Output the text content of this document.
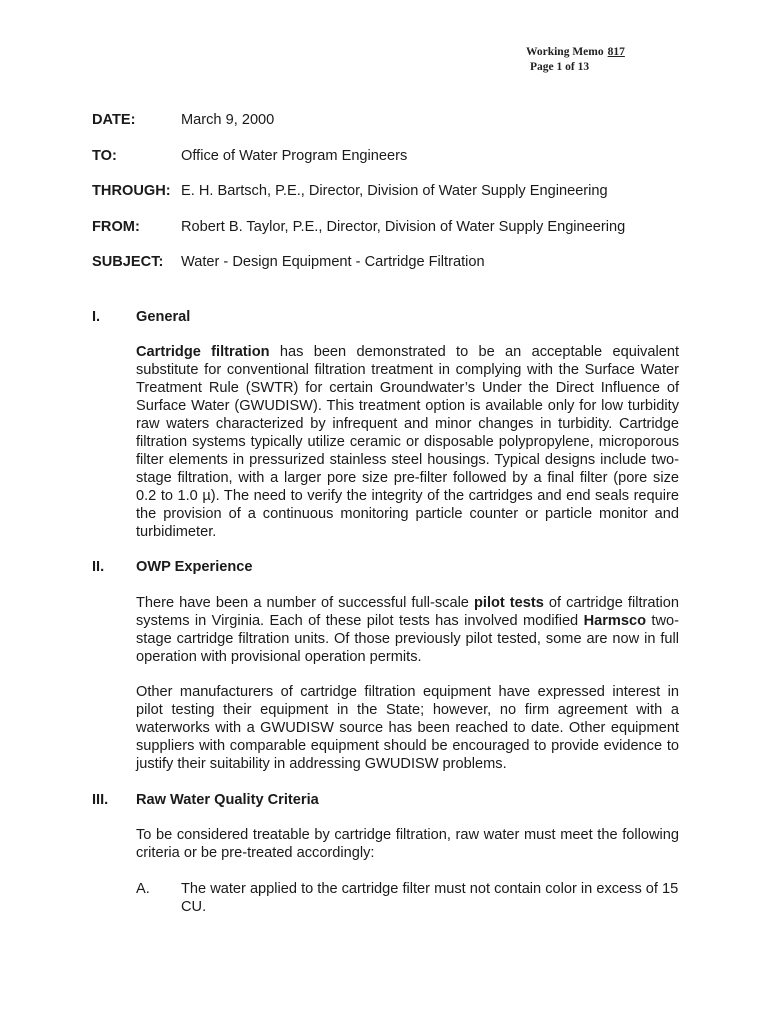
Working Memo 817
Page 1 of 13
DATE:	March 9, 2000
TO:	Office of Water Program Engineers
THROUGH: E. H. Bartsch, P.E., Director, Division of Water Supply Engineering
FROM:	Robert B. Taylor, P.E., Director, Division of Water Supply Engineering
SUBJECT: Water - Design Equipment - Cartridge Filtration
I. General
Cartridge filtration has been demonstrated to be an acceptable equivalent substitute for conventional filtration treatment in complying with the Surface Water Treatment Rule (SWTR) for certain Groundwater’s Under the Direct Influence of Surface Water (GWUDISW). This treatment option is available only for low turbidity raw waters characterized by infrequent and minor changes in turbidity. Cartridge filtration systems typically utilize ceramic or disposable polypropylene, microporous filter elements in pressurized stainless steel housings. Typical designs include two-stage filtration, with a larger pore size pre-filter followed by a final filter (pore size 0.2 to 1.0 µ). The need to verify the integrity of the cartridges and end seals require the provision of a continuous monitoring particle counter or particle monitor and turbidimeter.
II. OWP Experience
There have been a number of successful full-scale pilot tests of cartridge filtration systems in Virginia. Each of these pilot tests has involved modified Harmsco two-stage cartridge filtration units. Of those previously pilot tested, some are now in full operation with provisional operation permits.
Other manufacturers of cartridge filtration equipment have expressed interest in pilot testing their equipment in the State; however, no firm agreement with a waterworks with a GWUDISW source has been reached to date. Other equipment suppliers with comparable equipment should be encouraged to provide evidence to justify their suitability in addressing GWUDISW problems.
III. Raw Water Quality Criteria
To be considered treatable by cartridge filtration, raw water must meet the following criteria or be pre-treated accordingly:
A. The water applied to the cartridge filter must not contain color in excess of 15 CU.
